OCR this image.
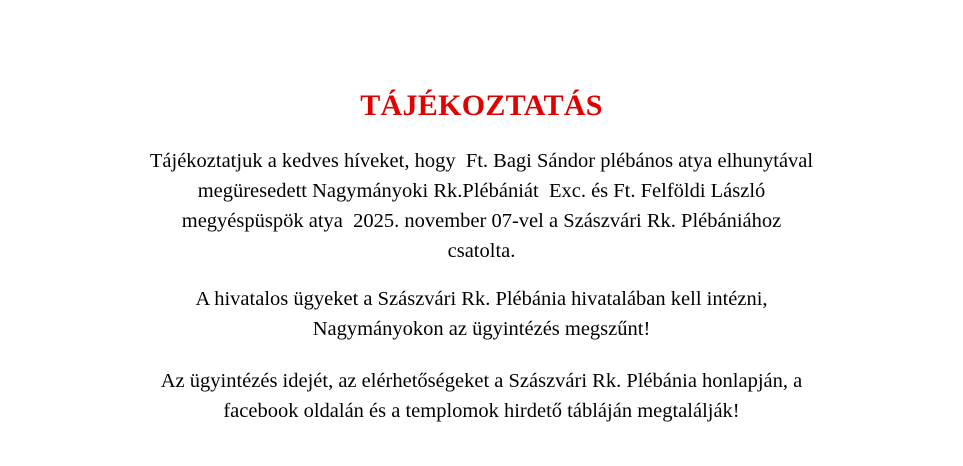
TÁJÉKOZTATÁS
Tájékoztatjuk a kedves híveket, hogy  Ft. Bagi Sándor plébános atya elhunytával
megüresedett Nagymányoki Rk.Plébániát  Exc. és Ft. Felföldi László
megyéspüspök atya  2025. november 07-vel a Szászvári Rk. Plébániához
csatolta.
A hivatalos ügyeket a Szászvári Rk. Plébánia hivatalában kell intézni,
Nagymányokon az ügyintézés megszűnt!
Az ügyintézés idejét, az elérhetőségeket a Szászvári Rk. Plébánia honlapján, a
facebook oldalán és a templomok hirdető tábláján megtalálják!
